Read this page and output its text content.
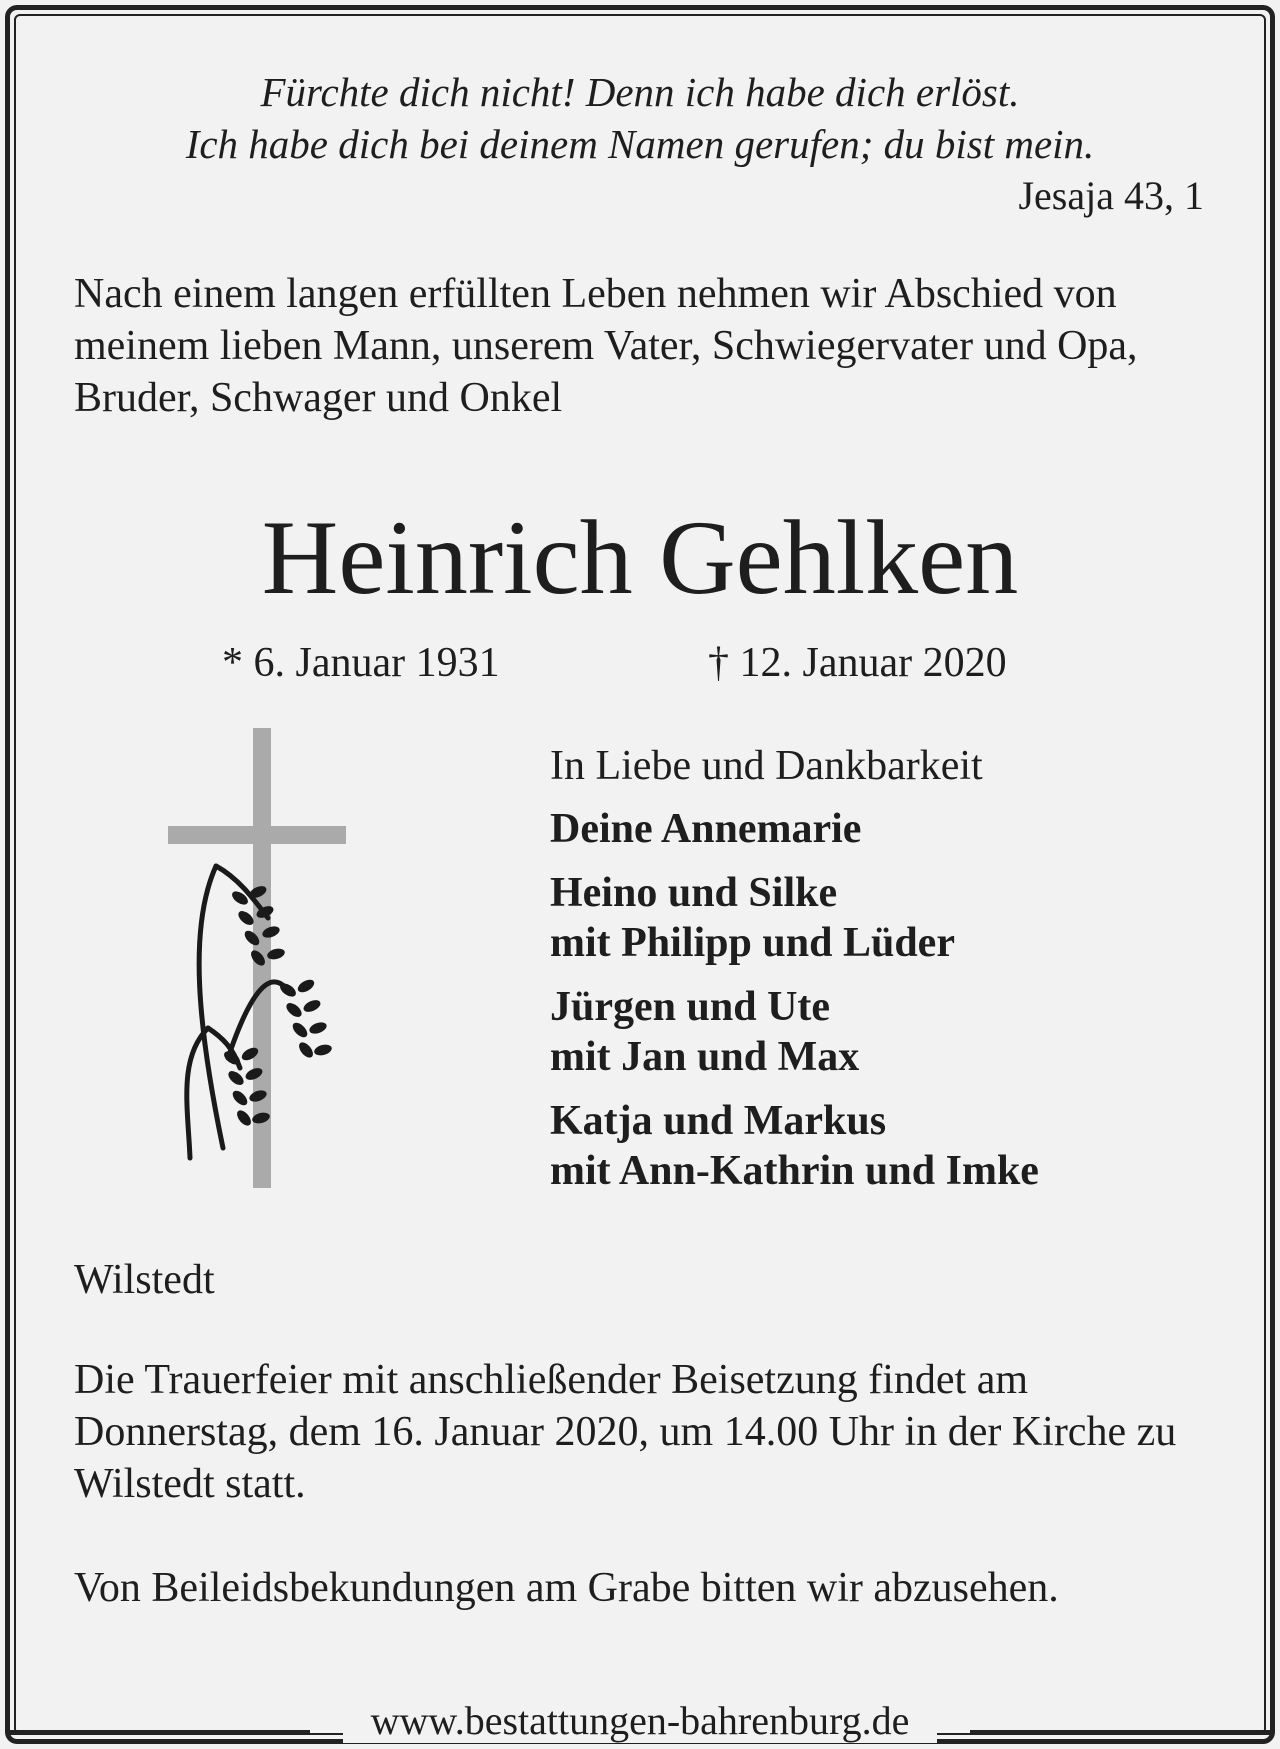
Fürchte dich nicht! Denn ich habe dich erlöst.
Ich habe dich bei deinem Namen gerufen; du bist mein.

Jesaja 43, 1

Nach einem langen erfüllten Leben nehmen wir Abschied von meinem lieben Mann, unserem Vater, Schwiegervater und Opa, Bruder, Schwager und Onkel

Heinrich Gehlken

* 6. Januar 1931	† 12. Januar 2020

In Liebe und Dankbarkeit

Deine Annemarie

Heino und Silke
mit Philipp und Lüder

Jürgen und Ute
mit Jan und Max

Katja und Markus
mit Ann-Kathrin und Imke

Wilstedt

Die Trauerfeier mit anschließender Beisetzung findet am Donnerstag, dem 16. Januar 2020, um 14.00 Uhr in der Kirche zu Wilstedt statt.

Von Beileidsbekundungen am Grabe bitten wir abzusehen.

www.bestattungen-bahrenburg.de
